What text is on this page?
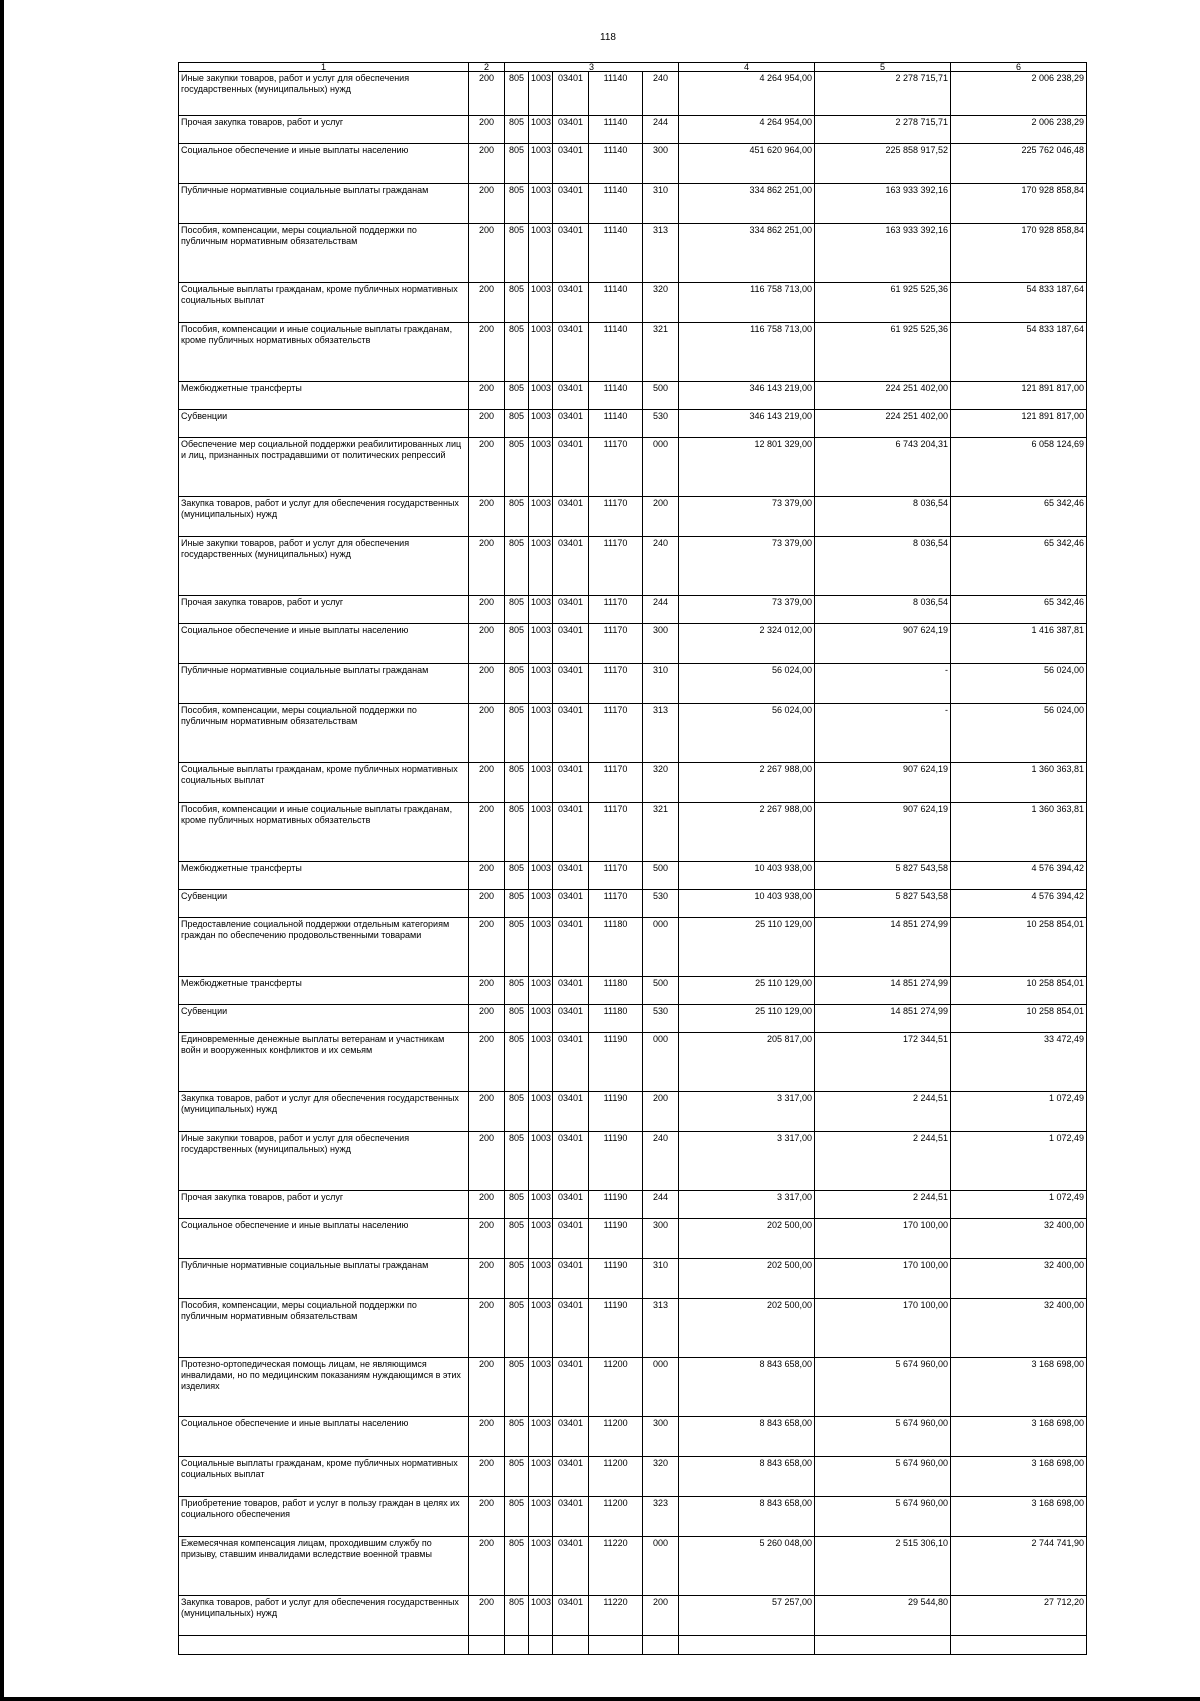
118
1	2	3					4	5	6
Иные закупки товаров, работ и услуг для обеспечения государственных (муниципальных) нужд	200	805	1003	03401	11140	240	4 264 954,00	2 278 715,71	2 006 238,29
Прочая закупка товаров, работ и услуг	200	805	1003	03401	11140	244	4 264 954,00	2 278 715,71	2 006 238,29
Социальное обеспечение и иные выплаты населению	200	805	1003	03401	11140	300	451 620 964,00	225 858 917,52	225 762 046,48
Публичные нормативные социальные выплаты гражданам	200	805	1003	03401	11140	310	334 862 251,00	163 933 392,16	170 928 858,84
Пособия, компенсации, меры социальной поддержки по публичным нормативным обязательствам	200	805	1003	03401	11140	313	334 862 251,00	163 933 392,16	170 928 858,84
Социальные выплаты гражданам, кроме публичных нормативных социальных выплат	200	805	1003	03401	11140	320	116 758 713,00	61 925 525,36	54 833 187,64
Пособия, компенсации и иные социальные выплаты гражданам, кроме публичных нормативных обязательств	200	805	1003	03401	11140	321	116 758 713,00	61 925 525,36	54 833 187,64
Межбюджетные трансферты	200	805	1003	03401	11140	500	346 143 219,00	224 251 402,00	121 891 817,00
Субвенции	200	805	1003	03401	11140	530	346 143 219,00	224 251 402,00	121 891 817,00
Обеспечение мер социальной поддержки реабилитированных лиц и лиц, признанных пострадавшими от политических репрессий	200	805	1003	03401	11170	000	12 801 329,00	6 743 204,31	6 058 124,69
Закупка товаров, работ и услуг для обеспечения государственных (муниципальных) нужд	200	805	1003	03401	11170	200	73 379,00	8 036,54	65 342,46
Иные закупки товаров, работ и услуг для обеспечения государственных (муниципальных) нужд	200	805	1003	03401	11170	240	73 379,00	8 036,54	65 342,46
Прочая закупка товаров, работ и услуг	200	805	1003	03401	11170	244	73 379,00	8 036,54	65 342,46
Социальное обеспечение и иные выплаты населению	200	805	1003	03401	11170	300	2 324 012,00	907 624,19	1 416 387,81
Публичные нормативные социальные выплаты гражданам	200	805	1003	03401	11170	310	56 024,00	-	56 024,00
Пособия, компенсации, меры социальной поддержки по публичным нормативным обязательствам	200	805	1003	03401	11170	313	56 024,00	-	56 024,00
Социальные выплаты гражданам, кроме публичных нормативных социальных выплат	200	805	1003	03401	11170	320	2 267 988,00	907 624,19	1 360 363,81
Пособия, компенсации и иные социальные выплаты гражданам, кроме публичных нормативных обязательств	200	805	1003	03401	11170	321	2 267 988,00	907 624,19	1 360 363,81
Межбюджетные трансферты	200	805	1003	03401	11170	500	10 403 938,00	5 827 543,58	4 576 394,42
Субвенции	200	805	1003	03401	11170	530	10 403 938,00	5 827 543,58	4 576 394,42
Предоставление социальной поддержки отдельным категориям граждан по обеспечению продовольственными товарами	200	805	1003	03401	11180	000	25 110 129,00	14 851 274,99	10 258 854,01
Межбюджетные трансферты	200	805	1003	03401	11180	500	25 110 129,00	14 851 274,99	10 258 854,01
Субвенции	200	805	1003	03401	11180	530	25 110 129,00	14 851 274,99	10 258 854,01
Единовременные денежные выплаты ветеранам и участникам войн и вооруженных конфликтов и их семьям	200	805	1003	03401	11190	000	205 817,00	172 344,51	33 472,49
Закупка товаров, работ и услуг для обеспечения государственных (муниципальных) нужд	200	805	1003	03401	11190	200	3 317,00	2 244,51	1 072,49
Иные закупки товаров, работ и услуг для обеспечения государственных (муниципальных) нужд	200	805	1003	03401	11190	240	3 317,00	2 244,51	1 072,49
Прочая закупка товаров, работ и услуг	200	805	1003	03401	11190	244	3 317,00	2 244,51	1 072,49
Социальное обеспечение и иные выплаты населению	200	805	1003	03401	11190	300	202 500,00	170 100,00	32 400,00
Публичные нормативные социальные выплаты гражданам	200	805	1003	03401	11190	310	202 500,00	170 100,00	32 400,00
Пособия, компенсации, меры социальной поддержки по публичным нормативным обязательствам	200	805	1003	03401	11190	313	202 500,00	170 100,00	32 400,00
Протезно-ортопедическая помощь лицам, не являющимся инвалидами, но по медицинским показаниям нуждающимся в этих изделиях	200	805	1003	03401	11200	000	8 843 658,00	5 674 960,00	3 168 698,00
Социальное обеспечение и иные выплаты населению	200	805	1003	03401	11200	300	8 843 658,00	5 674 960,00	3 168 698,00
Социальные выплаты гражданам, кроме публичных нормативных социальных выплат	200	805	1003	03401	11200	320	8 843 658,00	5 674 960,00	3 168 698,00
Приобретение товаров, работ и услуг в пользу граждан в целях их социального обеспечения	200	805	1003	03401	11200	323	8 843 658,00	5 674 960,00	3 168 698,00
Ежемесячная компенсация лицам, проходившим службу по призыву, ставшим инвалидами вследствие военной травмы	200	805	1003	03401	11220	000	5 260 048,00	2 515 306,10	2 744 741,90
Закупка товаров, работ и услуг для обеспечения государственных (муниципальных) нужд	200	805	1003	03401	11220	200	57 257,00	29 544,80	27 712,20
